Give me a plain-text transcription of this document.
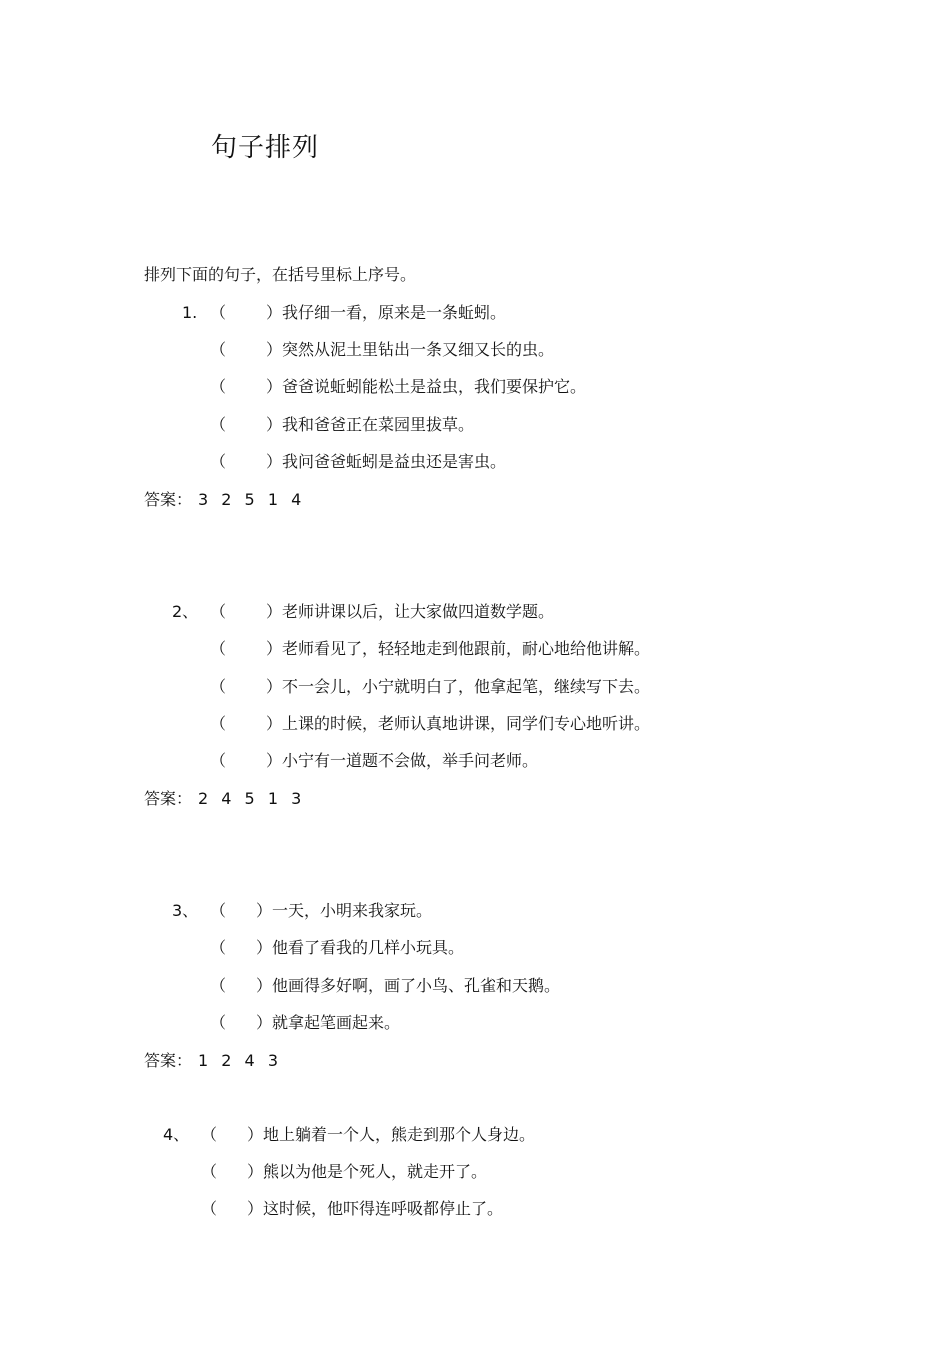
句子排列
排列下面的句子，在括号里标上序号。
1. （ ）我仔细一看，原来是一条蚯蚓。
（ ）突然从泥土里钻出一条又细又长的虫。
（ ）爸爸说蚯蚓能松土是益虫，我们要保护它。
（ ）我和爸爸正在菜园里拔草。
（ ）我问爸爸蚯蚓是益虫还是害虫。
答案： 3 2 5 1 4
2、 （ ）老师讲课以后，让大家做四道数学题。
（ ）老师看见了，轻轻地走到他跟前，耐心地给他讲解。
（ ）不一会儿，小宁就明白了，他拿起笔，继续写下去。
（ ）上课的时候，老师认真地讲课，同学们专心地听讲。
（ ）小宁有一道题不会做，举手问老师。
答案： 2 4 5 1 3
3、 （ ）一天，小明来我家玩。
（ ）他看了看我的几样小玩具。
（ ）他画得多好啊，画了小鸟、孔雀和天鹅。
（ ）就拿起笔画起来。
答案： 1 2 4 3
4、 （ ）地上躺着一个人，熊走到那个人身边。
（ ）熊以为他是个死人，就走开了。
（ ）这时候，他吓得连呼吸都停止了。
